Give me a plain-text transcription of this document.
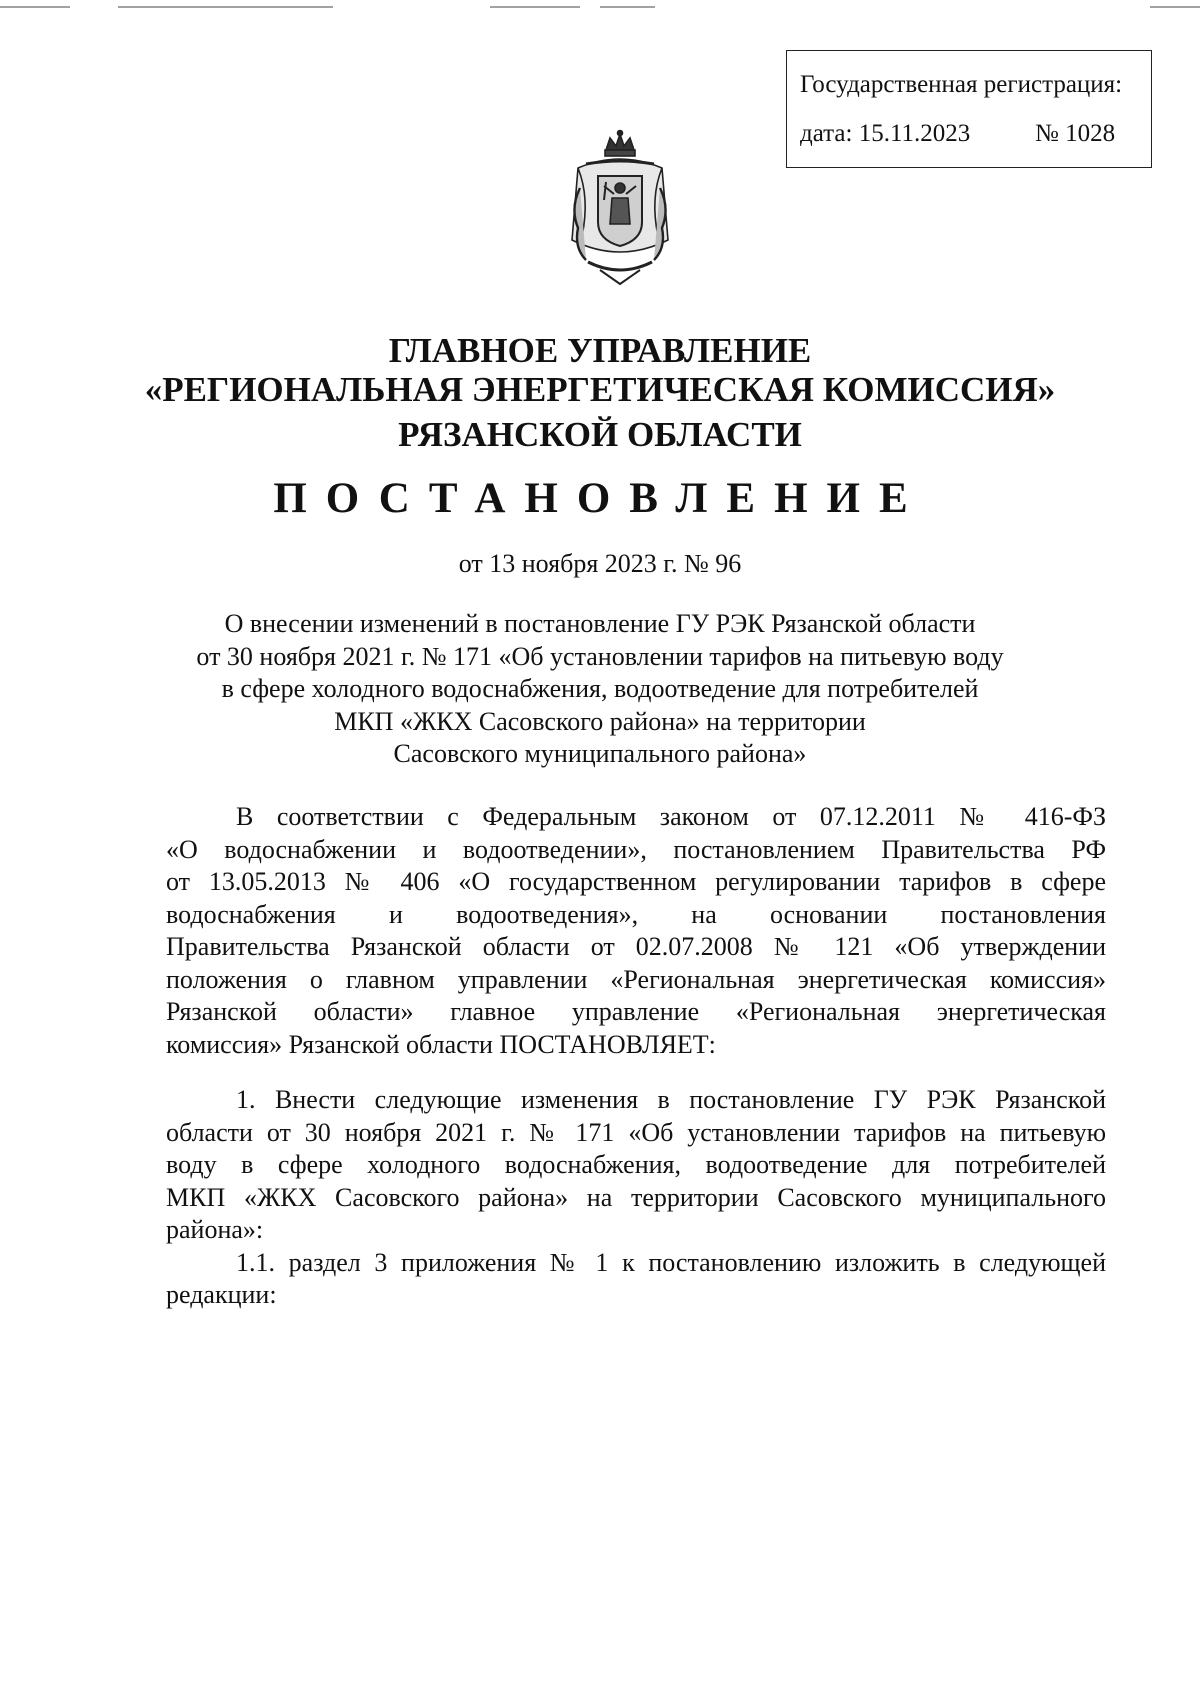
Государственная регистрация:
дата: 15.11.2023	№ 1028
ГЛАВНОЕ УПРАВЛЕНИЕ
«РЕГИОНАЛЬНАЯ ЭНЕРГЕТИЧЕСКАЯ КОМИССИЯ»
РЯЗАНСКОЙ ОБЛАСТИ
ПОСТАНОВЛЕНИЕ
от 13 ноября 2023 г. № 96
О внесении изменений в постановление ГУ РЭК Рязанской области
от 30 ноября 2021 г. № 171 «Об установлении тарифов на питьевую воду
в сфере холодного водоснабжения, водоотведение для потребителей
МКП «ЖКХ Сасовского района» на территории
Сасовского муниципального района»
В соответствии с Федеральным законом от 07.12.2011 № 416-ФЗ
«О водоснабжении и водоотведении», постановлением Правительства РФ
от 13.05.2013 № 406 «О государственном регулировании тарифов в сфере
водоснабжения и водоотведения», на основании постановления
Правительства Рязанской области от 02.07.2008 № 121 «Об утверждении
положения о главном управлении «Региональная энергетическая комиссия»
Рязанской области» главное управление «Региональная энергетическая
комиссия» Рязанской области ПОСТАНОВЛЯЕТ:
1. Внести следующие изменения в постановление ГУ РЭК Рязанской
области от 30 ноября 2021 г. № 171 «Об установлении тарифов на питьевую
воду в сфере холодного водоснабжения, водоотведение для потребителей
МКП «ЖКХ Сасовского района» на территории Сасовского муниципального
района»:
1.1. раздел 3 приложения № 1 к постановлению изложить в следующей
редакции:
